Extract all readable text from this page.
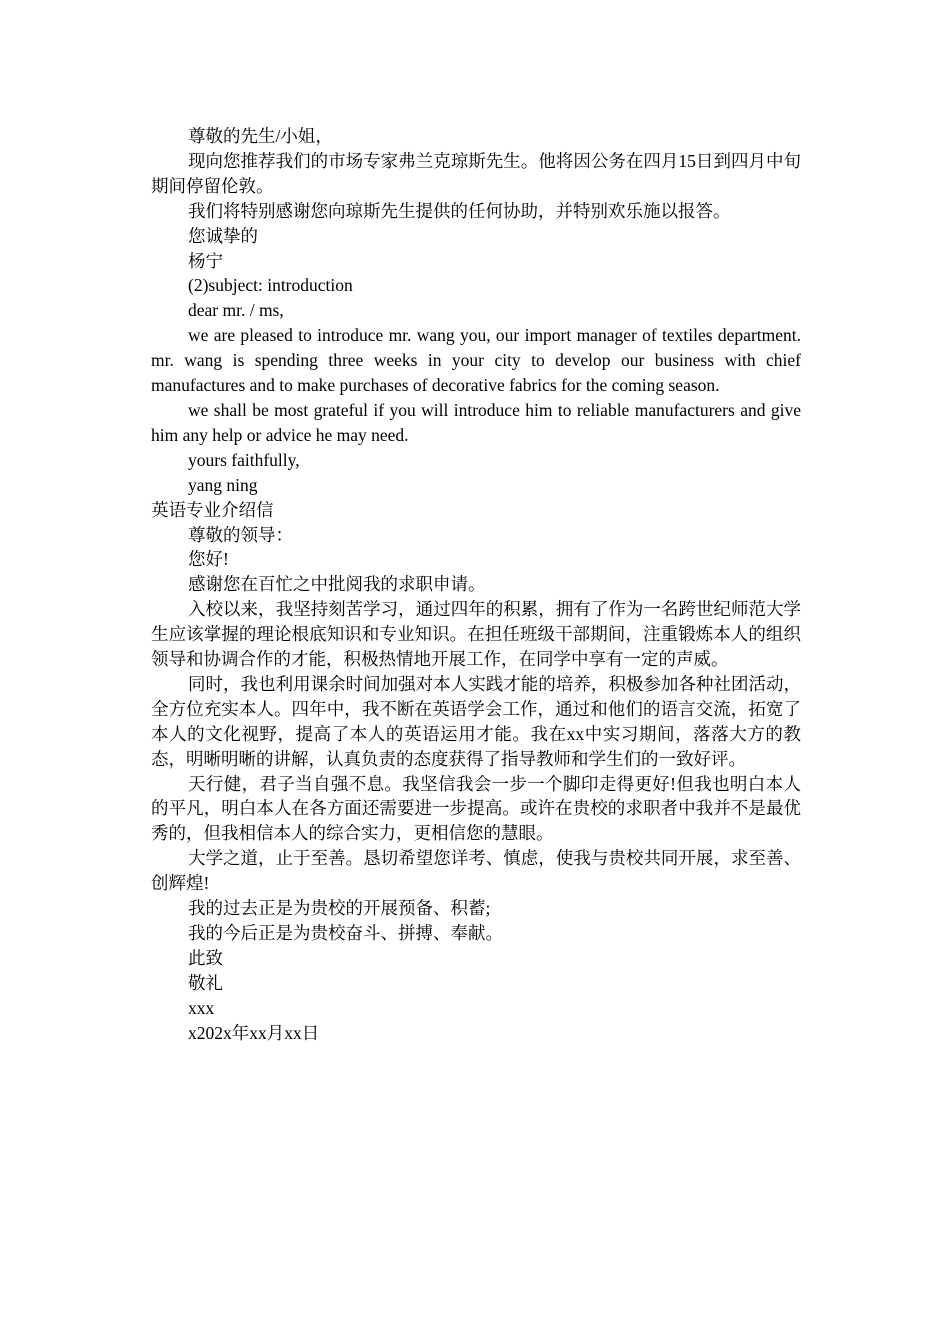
尊敬的先生/小姐，

现向您推荐我们的市场专家弗兰克琼斯先生。他将因公务在四月15日到四月中旬期间停留伦敦。

我们将特别感谢您向琼斯先生提供的任何协助，并特别欢乐施以报答。

您诚挚的

杨宁

(2)subject: introduction

dear mr. / ms,

we are pleased to introduce mr. wang you, our import manager of textiles department. mr. wang is spending three weeks in your city to develop our business with chief manufactures and to make purchases of decorative fabrics for the coming season.

we shall be most grateful if you will introduce him to reliable manufacturers and give him any help or advice he may need.

yours faithfully,

yang ning

英语专业介绍信

尊敬的领导：

您好!

感谢您在百忙之中批阅我的求职申请。

入校以来，我坚持刻苦学习，通过四年的积累，拥有了作为一名跨世纪师范大学生应该掌握的理论根底知识和专业知识。在担任班级干部期间，注重锻炼本人的组织领导和协调合作的才能，积极热情地开展工作，在同学中享有一定的声威。

同时，我也利用课余时间加强对本人实践才能的培养，积极参加各种社团活动，全方位充实本人。四年中，我不断在英语学会工作，通过和他们的语言交流，拓宽了本人的文化视野，提高了本人的英语运用才能。我在xx中实习期间，落落大方的教态，明晰明晰的讲解，认真负责的态度获得了指导教师和学生们的一致好评。

天行健，君子当自强不息。我坚信我会一步一个脚印走得更好!但我也明白本人的平凡，明白本人在各方面还需要进一步提高。或许在贵校的求职者中我并不是最优秀的，但我相信本人的综合实力，更相信您的慧眼。

大学之道，止于至善。恳切希望您详考、慎虑，使我与贵校共同开展，求至善、创辉煌!

我的过去正是为贵校的开展预备、积蓄;

我的今后正是为贵校奋斗、拼搏、奉献。

此致

敬礼

xxx

x202x年xx月xx日
